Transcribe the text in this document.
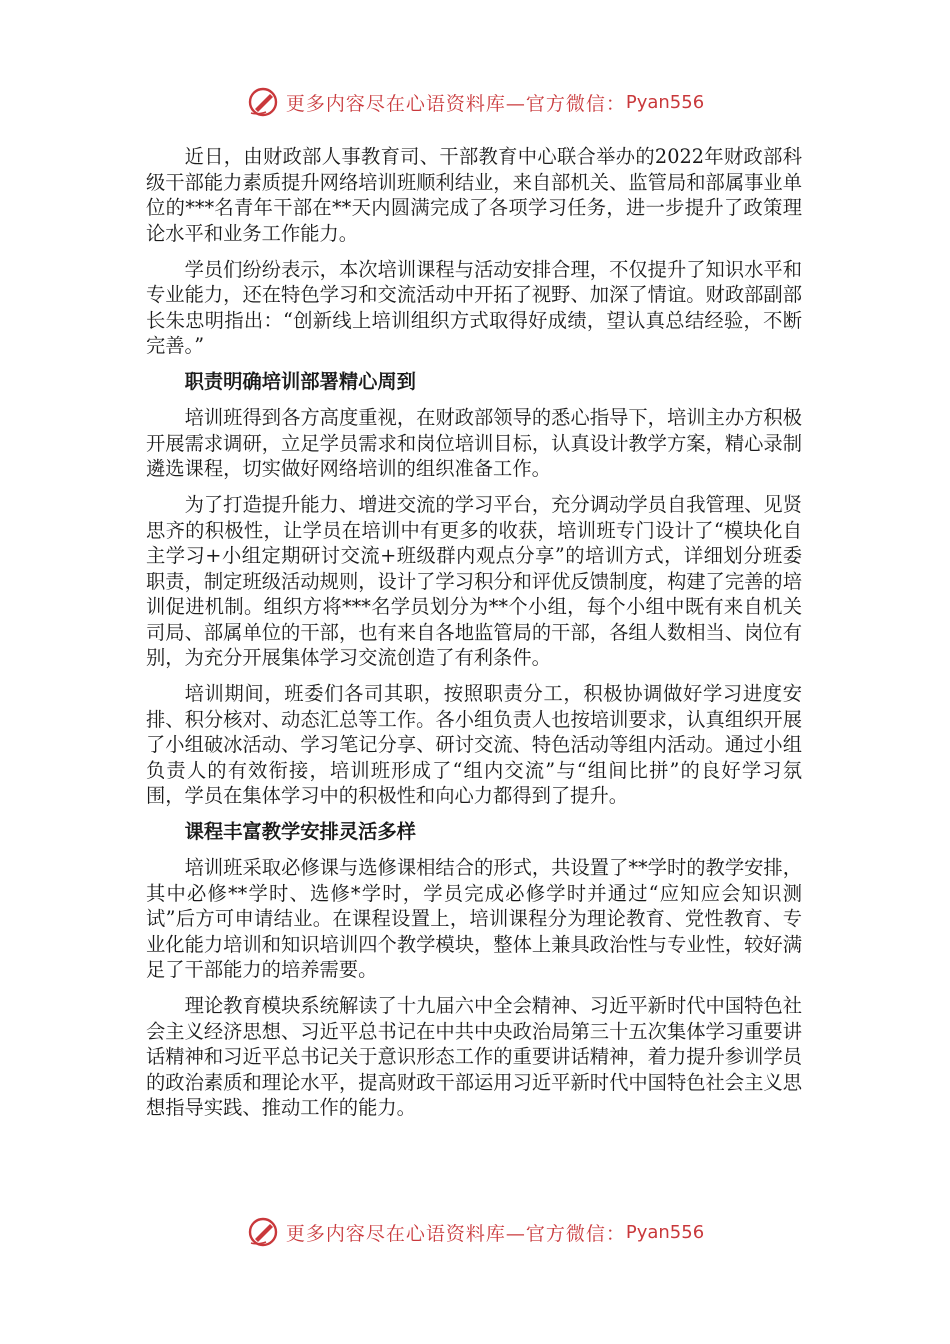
更多内容尽在心语资料库—官方微信： Pyan556

近日，由财政部人事教育司、干部教育中心联合举办的2022年财政部科级干部能力素质提升网络培训班顺利结业，来自部机关、监管局和部属事业单位的***名青年干部在**天内圆满完成了各项学习任务，进一步提升了政策理论水平和业务工作能力。

学员们纷纷表示，本次培训课程与活动安排合理，不仅提升了知识水平和专业能力，还在特色学习和交流活动中开拓了视野、加深了情谊。财政部副部长朱忠明指出：“创新线上培训组织方式取得好成绩，望认真总结经验，不断完善。”

职责明确培训部署精心周到

培训班得到各方高度重视，在财政部领导的悉心指导下，培训主办方积极开展需求调研，立足学员需求和岗位培训目标，认真设计教学方案，精心录制遴选课程，切实做好网络培训的组织准备工作。

为了打造提升能力、增进交流的学习平台，充分调动学员自我管理、见贤思齐的积极性，让学员在培训中有更多的收获，培训班专门设计了“模块化自主学习+小组定期研讨交流+班级群内观点分享”的培训方式，详细划分班委职责，制定班级活动规则，设计了学习积分和评优反馈制度，构建了完善的培训促进机制。组织方将***名学员划分为**个小组，每个小组中既有来自机关司局、部属单位的干部，也有来自各地监管局的干部，各组人数相当、岗位有别，为充分开展集体学习交流创造了有利条件。

培训期间，班委们各司其职，按照职责分工，积极协调做好学习进度安排、积分核对、动态汇总等工作。各小组负责人也按培训要求，认真组织开展了小组破冰活动、学习笔记分享、研讨交流、特色活动等组内活动。通过小组负责人的有效衔接，培训班形成了“组内交流”与“组间比拼”的良好学习氛围，学员在集体学习中的积极性和向心力都得到了提升。

课程丰富教学安排灵活多样

培训班采取必修课与选修课相结合的形式，共设置了**学时的教学安排，其中必修**学时、选修*学时，学员完成必修学时并通过“应知应会知识测试”后方可申请结业。在课程设置上，培训课程分为理论教育、党性教育、专业化能力培训和知识培训四个教学模块，整体上兼具政治性与专业性，较好满足了干部能力的培养需要。

理论教育模块系统解读了十九届六中全会精神、习近平新时代中国特色社会主义经济思想、习近平总书记在中共中央政治局第三十五次集体学习重要讲话精神和习近平总书记关于意识形态工作的重要讲话精神，着力提升参训学员的政治素质和理论水平，提高财政干部运用习近平新时代中国特色社会主义思想指导实践、推动工作的能力。

更多内容尽在心语资料库—官方微信： Pyan556
